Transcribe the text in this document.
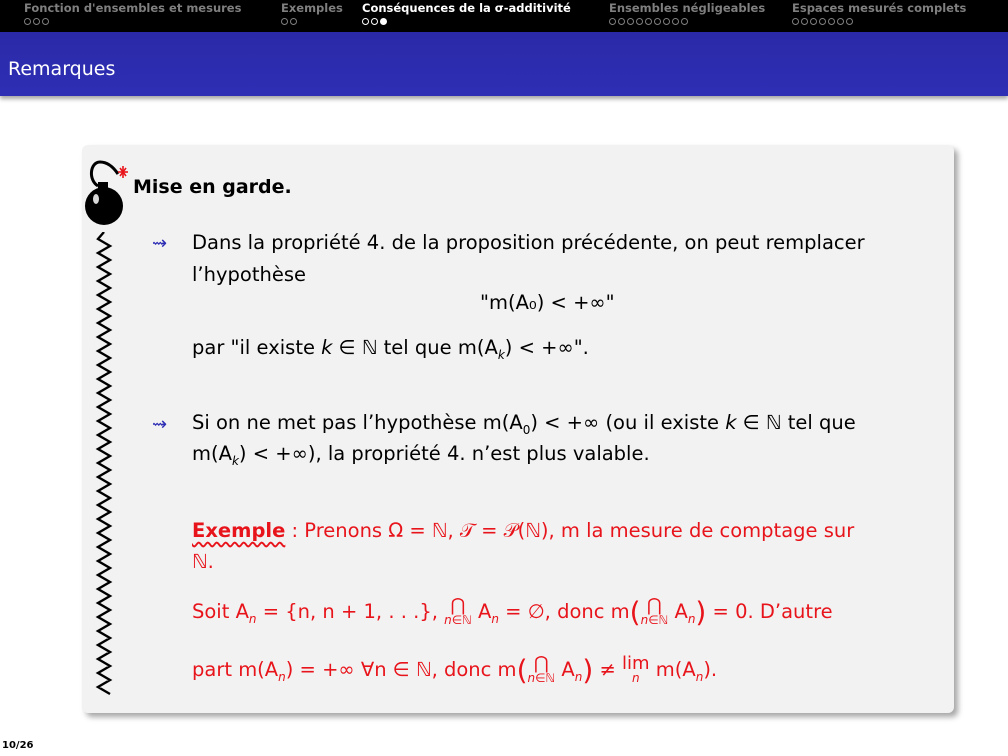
Fonction d'ensembles et mesures	Exemples Conséquences de la σ-additivité	Ensembles négligeables Espaces mesurés complets
Remarques
Mise en garde.
⇝ Dans la propriété 4. de la proposition précédente, on peut remplacer
l’hypothèse
"m(A₀) < +∞"
par "il existe k ∈ ℕ tel que $m(A_k)$ < +∞".
⇝ Si on ne met pas l’hypothèse $m(A_0)$ < +∞ (ou il existe k ∈ ℕ tel que
$m(A_k)$ < +∞), la propriété 4. n’est plus valable.
Exemple : Prenons Ω = ℕ, 𝒯 = 𝒫(ℕ), m la mesure de comptage sur
ℕ.
Soit $A_n = \{n$, n + 1, . . .}, ⋂
n∈ℕ $A_n$ = ∅, donc m( ⋂
n∈ℕ $A_n) = 0$. D’autre
part $m(A_n)$ = +∞ ∀n ∈ ℕ, donc m( ⋂
n∈ℕ $A_n) \ne \lim$
n $m(A_n)$.
10/26
